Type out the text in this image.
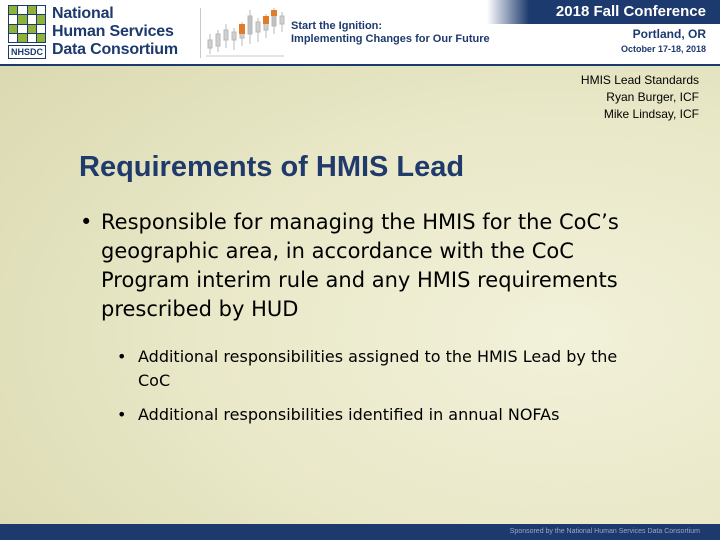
NHSDC
National
Human Services
Data Consortium
Start the Ignition:
Implementing Changes for Our Future
2018 Fall Conference
Portland, OR
October 17-18, 2018
HMIS Lead Standards
Ryan Burger, ICF
Mike Lindsay, ICF
Requirements of HMIS Lead
• Responsible for managing the HMIS for the CoC’s geographic area, in accordance with the CoC Program interim rule and any HMIS requirements prescribed by HUD
• Additional responsibilities assigned to the HMIS Lead by the CoC
• Additional responsibilities identified in annual NOFAs
Sponsored by the National Human Services Data Consortium
